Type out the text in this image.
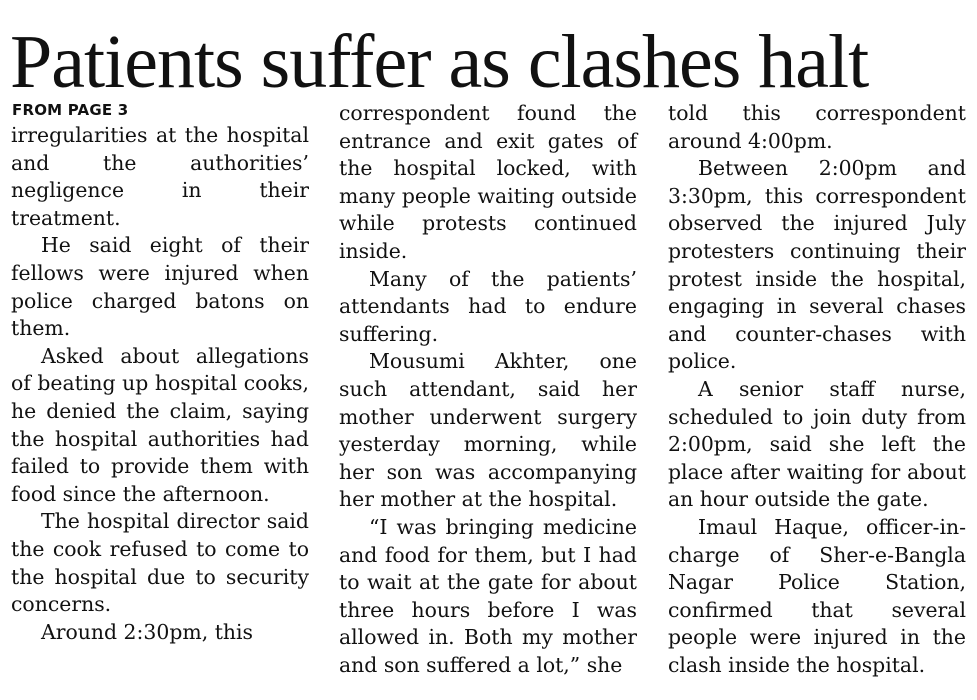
Patients suffer as clashes halt
FROM PAGE 3

irregularities at the hospital and the authorities’ negligence in their treatment.

He said eight of their fellows were injured when police charged batons on them.

Asked about allegations of beating up hospital cooks, he denied the claim, saying the hospital authorities had failed to provide them with food since the afternoon.

The hospital director said the cook refused to come to the hospital due to security concerns.

Around 2:30pm, this

correspondent found the entrance and exit gates of the hospital locked, with many people waiting outside while protests continued inside.

Many of the patients’ attendants had to endure suffering.

Mousumi Akhter, one such attendant, said her mother underwent surgery yesterday morning, while her son was accompanying her mother at the hospital.

“I was bringing medicine and food for them, but I had to wait at the gate for about three hours before I was allowed in. Both my mother and son suffered a lot,” she

told this correspondent around 4:00pm.

Between 2:00pm and 3:30pm, this correspondent observed the injured July protesters continuing their protest inside the hospital, engaging in several chases and counter-chases with police.

A senior staff nurse, scheduled to join duty from 2:00pm, said she left the place after waiting for about an hour outside the gate.

Imaul Haque, officer-in-charge of Sher-e-Bangla Nagar Police Station, confirmed that several people were injured in the clash inside the hospital.
